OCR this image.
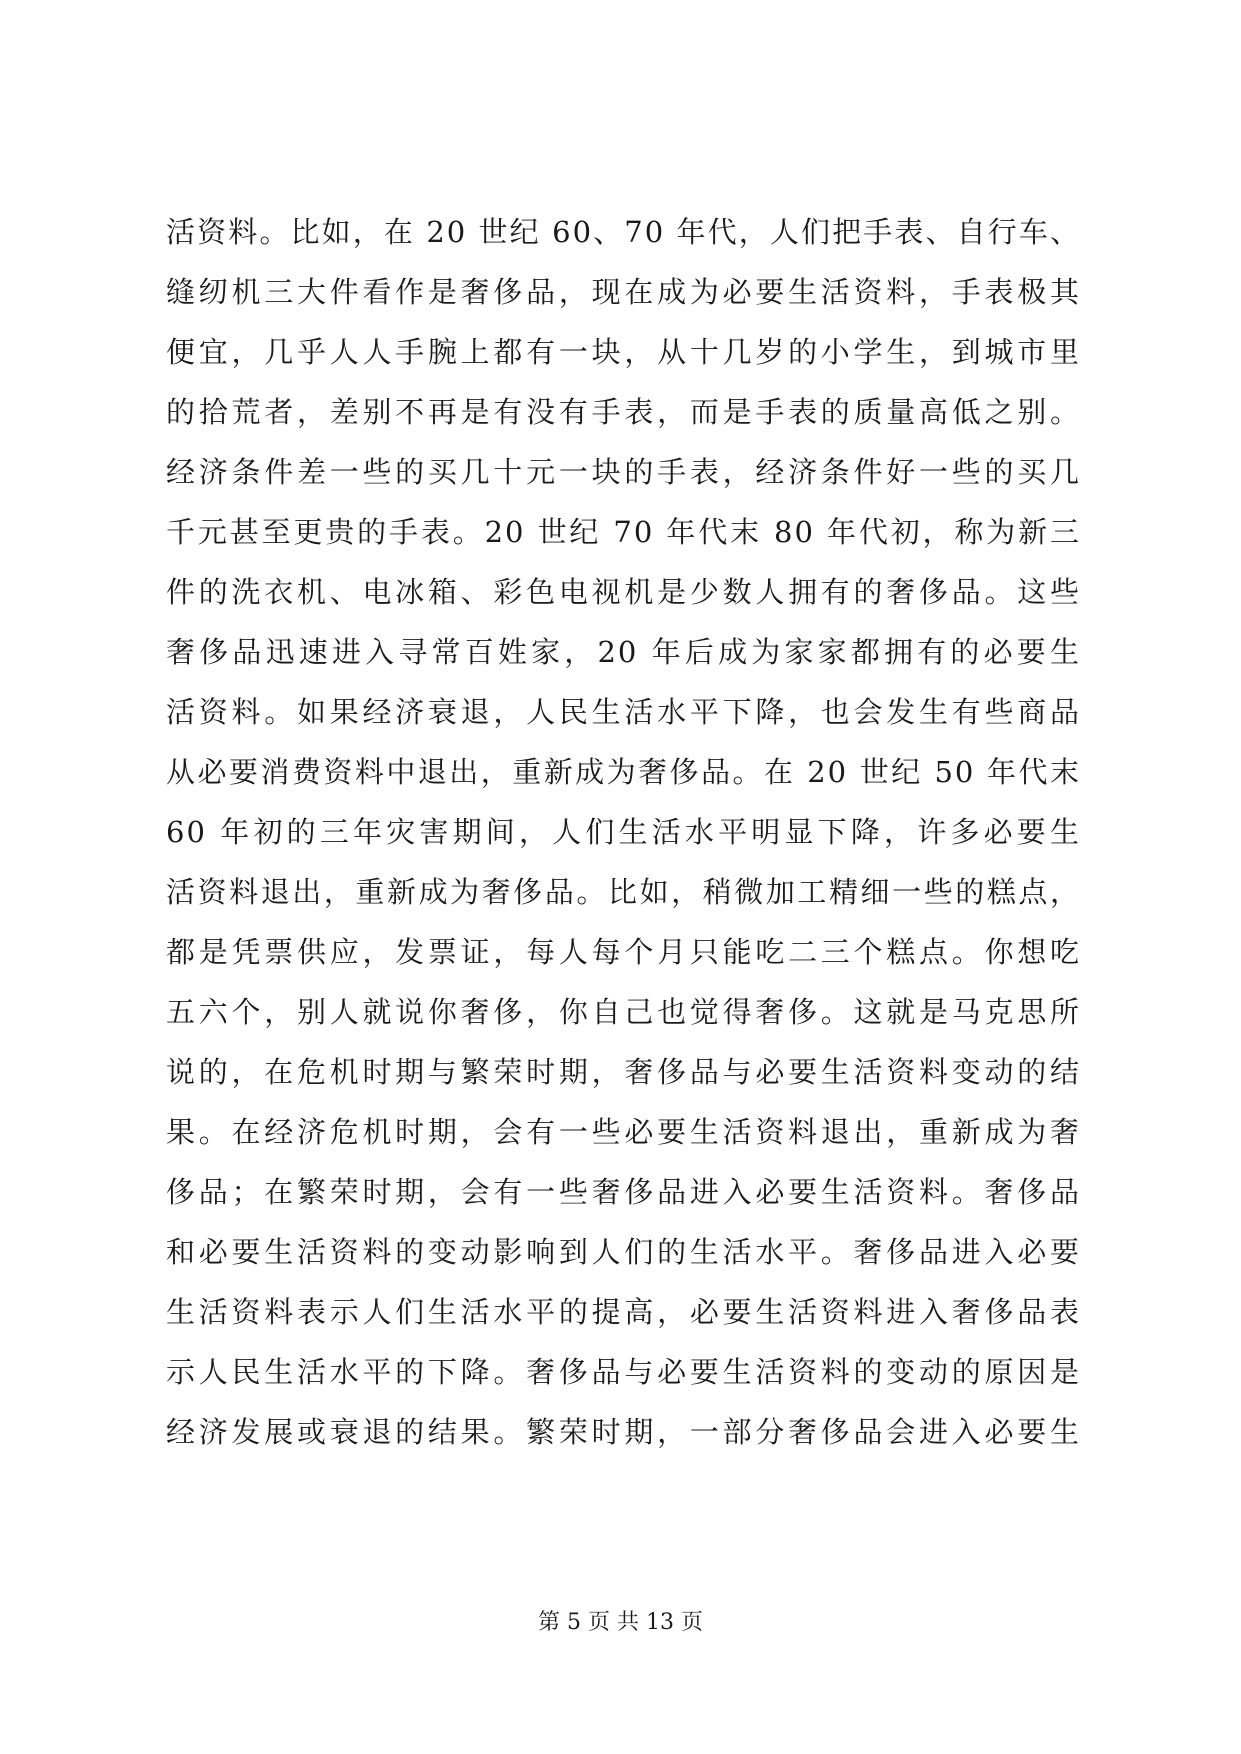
活资料。比如，在 20 世纪 60、70 年代，人们把手表、自行车、
缝纫机三大件看作是奢侈品，现在成为必要生活资料，手表极其
便宜，几乎人人手腕上都有一块，从十几岁的小学生，到城市里
的拾荒者，差别不再是有没有手表，而是手表的质量高低之别。
经济条件差一些的买几十元一块的手表，经济条件好一些的买几
千元甚至更贵的手表。20 世纪 70 年代末 80 年代初，称为新三
件的洗衣机、电冰箱、彩色电视机是少数人拥有的奢侈品。这些
奢侈品迅速进入寻常百姓家，20 年后成为家家都拥有的必要生
活资料。如果经济衰退，人民生活水平下降，也会发生有些商品
从必要消费资料中退出，重新成为奢侈品。在 20 世纪 50 年代末
60 年初的三年灾害期间，人们生活水平明显下降，许多必要生
活资料退出，重新成为奢侈品。比如，稍微加工精细一些的糕点，
都是凭票供应，发票证，每人每个月只能吃二三个糕点。你想吃
五六个，别人就说你奢侈，你自己也觉得奢侈。这就是马克思所
说的，在危机时期与繁荣时期，奢侈品与必要生活资料变动的结
果。在经济危机时期，会有一些必要生活资料退出，重新成为奢
侈品；在繁荣时期，会有一些奢侈品进入必要生活资料。奢侈品
和必要生活资料的变动影响到人们的生活水平。奢侈品进入必要
生活资料表示人们生活水平的提高，必要生活资料进入奢侈品表
示人民生活水平的下降。奢侈品与必要生活资料的变动的原因是
经济发展或衰退的结果。繁荣时期，一部分奢侈品会进入必要生
第 5 页 共 13 页
